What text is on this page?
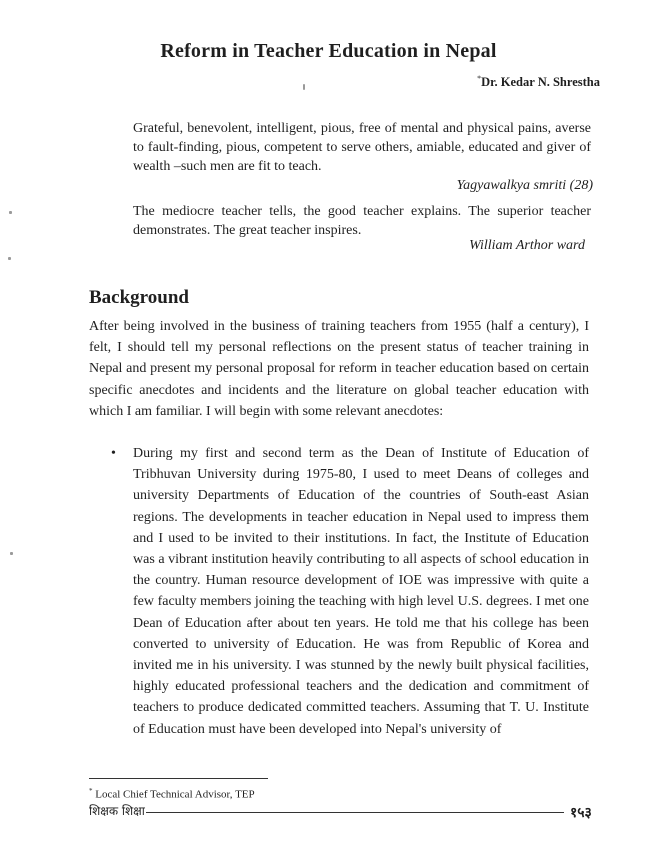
Reform in Teacher Education in Nepal
*Dr. Kedar N. Shrestha
Grateful, benevolent, intelligent, pious, free of mental and physical pains, averse to fault-finding, pious, competent to serve others, amiable, educated and giver of wealth –such men are fit to teach.
Yagyawalkya smriti (28)
The mediocre teacher tells, the good teacher explains. The superior teacher demonstrates. The great teacher inspires.
William Arthor ward
Background

After being involved in the business of training teachers from 1955 (half a century), I felt, I should tell my personal reflections on the present status of teacher training in Nepal and present my personal proposal for reform in teacher education based on certain specific anecdotes and incidents and the literature on global teacher education with which I am familiar. I will begin with some relevant anecdotes:

• During my first and second term as the Dean of Institute of Education of Tribhuvan University during 1975-80, I used to meet Deans of colleges and university Departments of Education of the countries of South-east Asian regions. The developments in teacher education in Nepal used to impress them and I used to be invited to their institutions. In fact, the Institute of Education was a vibrant institution heavily contributing to all aspects of school education in the country. Human resource development of IOE was impressive with quite a few faculty members joining the teaching with high level U.S. degrees. I met one Dean of Education after about ten years. He told me that his college has been converted to university of Education. He was from Republic of Korea and invited me in his university. I was stunned by the newly built physical facilities, highly educated professional teachers and the dedication and commitment of teachers to produce dedicated committed teachers. Assuming that T. U. Institute of Education must have been developed into Nepal's university of

* Local Chief Technical Advisor, TEP
शिक्षक शिक्षा	१५३
